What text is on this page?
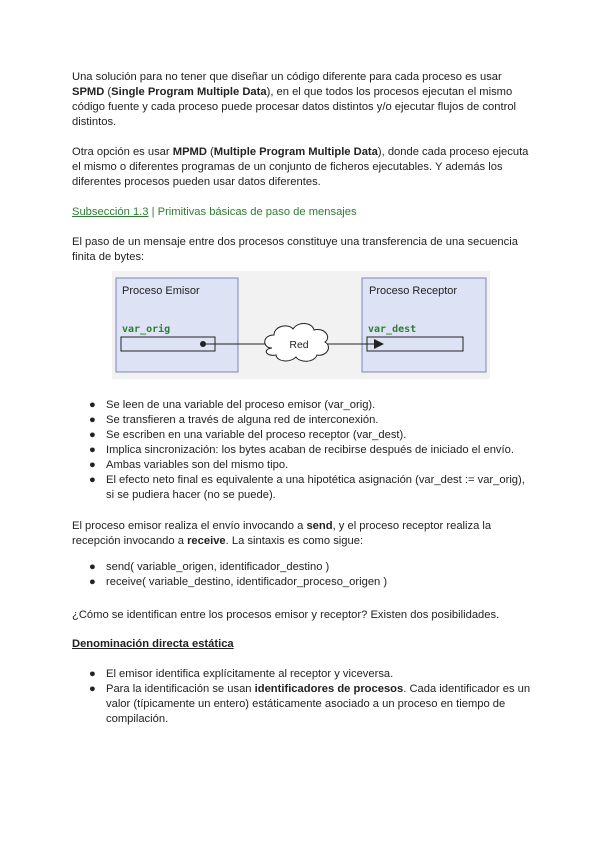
Una solución para no tener que diseñar un código diferente para cada proceso es usar SPMD (Single Program Multiple Data), en el que todos los procesos ejecutan el mismo código fuente y cada proceso puede procesar datos distintos y/o ejecutar flujos de control distintos.

Otra opción es usar MPMD (Multiple Program Multiple Data), donde cada proceso ejecuta el mismo o diferentes programas de un conjunto de ficheros ejecutables. Y además los diferentes procesos pueden usar datos diferentes.

Subsección 1.3 | Primitivas básicas de paso de mensajes

El paso de un mensaje entre dos procesos constituye una transferencia de una secuencia finita de bytes:

Proceso Emisor
var_orig
Proceso Receptor
var_dest
Red
● Se leen de una variable del proceso emisor (var_orig).
● Se transfieren a través de alguna red de interconexión.
● Se escriben en una variable del proceso receptor (var_dest).
● Implica sincronización: los bytes acaban de recibirse después de iniciado el envío.
● Ambas variables son del mismo tipo.
● El efecto neto final es equivalente a una hipotética asignación (var_dest := var_orig), si se pudiera hacer (no se puede).

El proceso emisor realiza el envío invocando a send, y el proceso receptor realiza la recepción invocando a receive. La sintaxis es como sigue:

● send( variable_origen, identificador_destino )
● receive( variable_destino, identificador_proceso_origen )

¿Cómo se identifican entre los procesos emisor y receptor? Existen dos posibilidades.

Denominación directa estática

● El emisor identifica explícitamente al receptor y viceversa.
● Para la identificación se usan identificadores de procesos. Cada identificador es un valor (típicamente un entero) estáticamente asociado a un proceso en tiempo de compilación.
